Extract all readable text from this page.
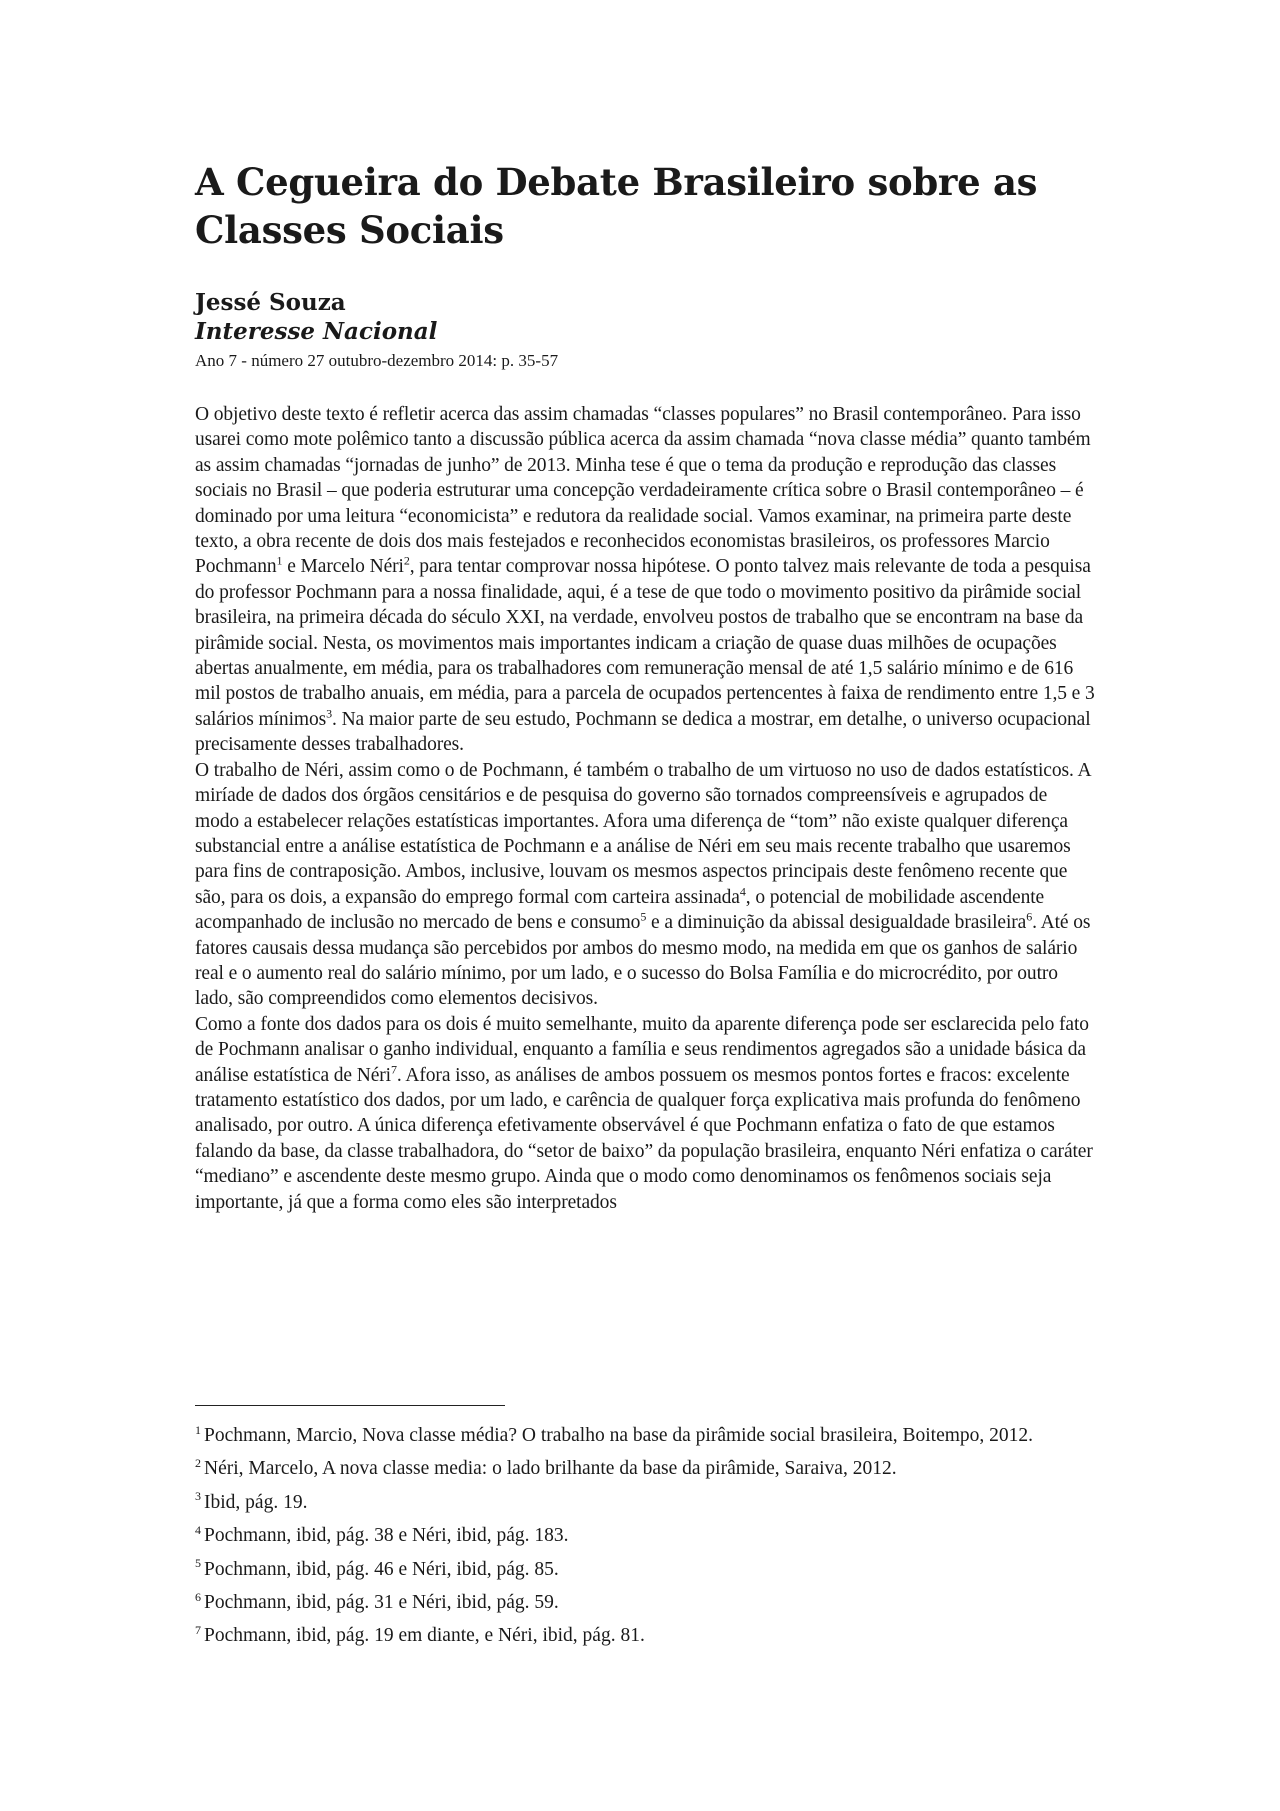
A Cegueira do Debate Brasileiro sobre as Classes Sociais
Jessé Souza
Interesse Nacional
Ano 7 - número 27 outubro-dezembro 2014: p. 35-57

O objetivo deste texto é refletir acerca das assim chamadas “classes populares” no Brasil contemporâneo. Para isso usarei como mote polêmico tanto a discussão pública acerca da assim chamada “nova classe média” quanto também as assim chamadas “jornadas de junho” de 2013. Minha tese é que o tema da produção e reprodução das classes sociais no Brasil – que poderia estruturar uma concepção verdadeiramente crítica sobre o Brasil contemporâneo – é dominado por uma leitura “economicista” e redutora da realidade social. Vamos examinar, na primeira parte deste texto, a obra recente de dois dos mais festejados e reconhecidos economistas brasileiros, os professores Marcio Pochmann$^1$ e Marcelo Néri$^2$, para tentar comprovar nossa hipótese. O ponto talvez mais relevante de toda a pesquisa do professor Pochmann para a nossa finalidade, aqui, é a tese de que todo o movimento positivo da pirâmide social brasileira, na primeira década do século XXI, na verdade, envolveu postos de trabalho que se encontram na base da pirâmide social. Nesta, os movimentos mais importantes indicam a criação de quase duas milhões de ocupações abertas anualmente, em média, para os trabalhadores com remuneração mensal de até 1,5 salário mínimo e de 616 mil postos de trabalho anuais, em média, para a parcela de ocupados pertencentes à faixa de rendimento entre 1,5 e 3 salários mínimos$^3$. Na maior parte de seu estudo, Pochmann se dedica a mostrar, em detalhe, o universo ocupacional precisamente desses trabalhadores.

O trabalho de Néri, assim como o de Pochmann, é também o trabalho de um virtuoso no uso de dados estatísticos. A miríade de dados dos órgãos censitários e de pesquisa do governo são tornados compreensíveis e agrupados de modo a estabelecer relações estatísticas importantes. Afora uma diferença de “tom” não existe qualquer diferença substancial entre a análise estatística de Pochmann e a análise de Néri em seu mais recente trabalho que usaremos para fins de contraposição. Ambos, inclusive, louvam os mesmos aspectos principais deste fenômeno recente que são, para os dois, a expansão do emprego formal com carteira assinada$^4$, o potencial de mobilidade ascendente acompanhado de inclusão no mercado de bens e consumo$^5$ e a diminuição da abissal desigualdade brasileira$^6$. Até os fatores causais dessa mudança são percebidos por ambos do mesmo modo, na medida em que os ganhos de salário real e o aumento real do salário mínimo, por um lado, e o sucesso do Bolsa Família e do microcrédito, por outro lado, são compreendidos como elementos decisivos.

Como a fonte dos dados para os dois é muito semelhante, muito da aparente diferença pode ser esclarecida pelo fato de Pochmann analisar o ganho individual, enquanto a família e seus rendimentos agregados são a unidade básica da análise estatística de Néri$^7$. Afora isso, as análises de ambos possuem os mesmos pontos fortes e fracos: excelente tratamento estatístico dos dados, por um lado, e carência de qualquer força explicativa mais profunda do fenômeno analisado, por outro. A única diferença efetivamente observável é que Pochmann enfatiza o fato de que estamos falando da base, da classe trabalhadora, do “setor de baixo” da população brasileira, enquanto Néri enfatiza o caráter “mediano” e ascendente deste mesmo grupo. Ainda que o modo como denominamos os fenômenos sociais seja importante, já que a forma como eles são interpretados

$^1$ Pochmann, Marcio, Nova classe média? O trabalho na base da pirâmide social brasileira, Boitempo, 2012.
$^2$ Néri, Marcelo, A nova classe media: o lado brilhante da base da pirâmide, Saraiva, 2012.
$^3$ Ibid, pág. 19.
$^4$ Pochmann, ibid, pág. 38 e Néri, ibid, pág. 183.
$^5$ Pochmann, ibid, pág. 46 e Néri, ibid, pág. 85.
$^6$ Pochmann, ibid, pág. 31 e Néri, ibid, pág. 59.
$^7$ Pochmann, ibid, pág. 19 em diante, e Néri, ibid, pág. 81.
